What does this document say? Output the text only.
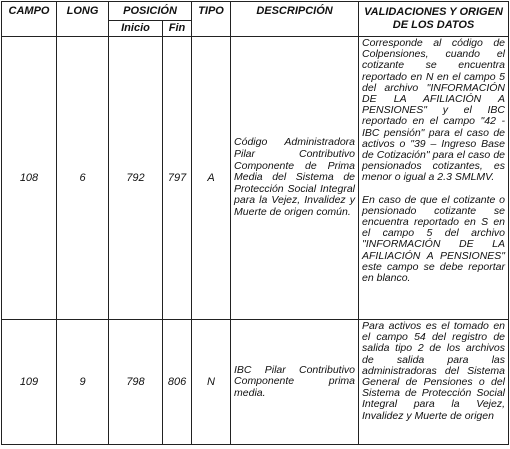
CAMPO	LONG	POSICIÓN		TIPO	DESCRIPCIÓN	VALIDACIONES Y ORIGEN DE LOS DATOS
		Inicio	Fin			
108	6	792	797	A	Código Administradora Pilar Contributivo Componente de Prima Media del Sistema de Protección Social Integral para la Vejez, Invalidez y Muerte de origen común.	Corresponde al código de Colpensiones, cuando el cotizante se encuentra reportado en N en el campo 5 del archivo "INFORMACIÓN DE LA AFILIACIÓN A PENSIONES" y el IBC reportado en el campo "42 - IBC pensión" para el caso de activos o "39 – Ingreso Base de Cotización" para el caso de pensionados cotizantes, es menor o igual a 2.3 SMLMV.

En caso de que el cotizante o pensionado cotizante se encuentra reportado en S en el campo 5 del archivo "INFORMACIÓN DE LA AFILIACIÓN A PENSIONES" este campo se debe reportar en blanco.

109	9	798	806	N	IBC Pilar Contributivo Componente prima media.	Para activos es el tomado en el campo 54 del registro de salida tipo 2 de los archivos de salida para las administradoras del Sistema General de Pensiones o del Sistema de Protección Social Integral para la Vejez, Invalidez y Muerte de origen
